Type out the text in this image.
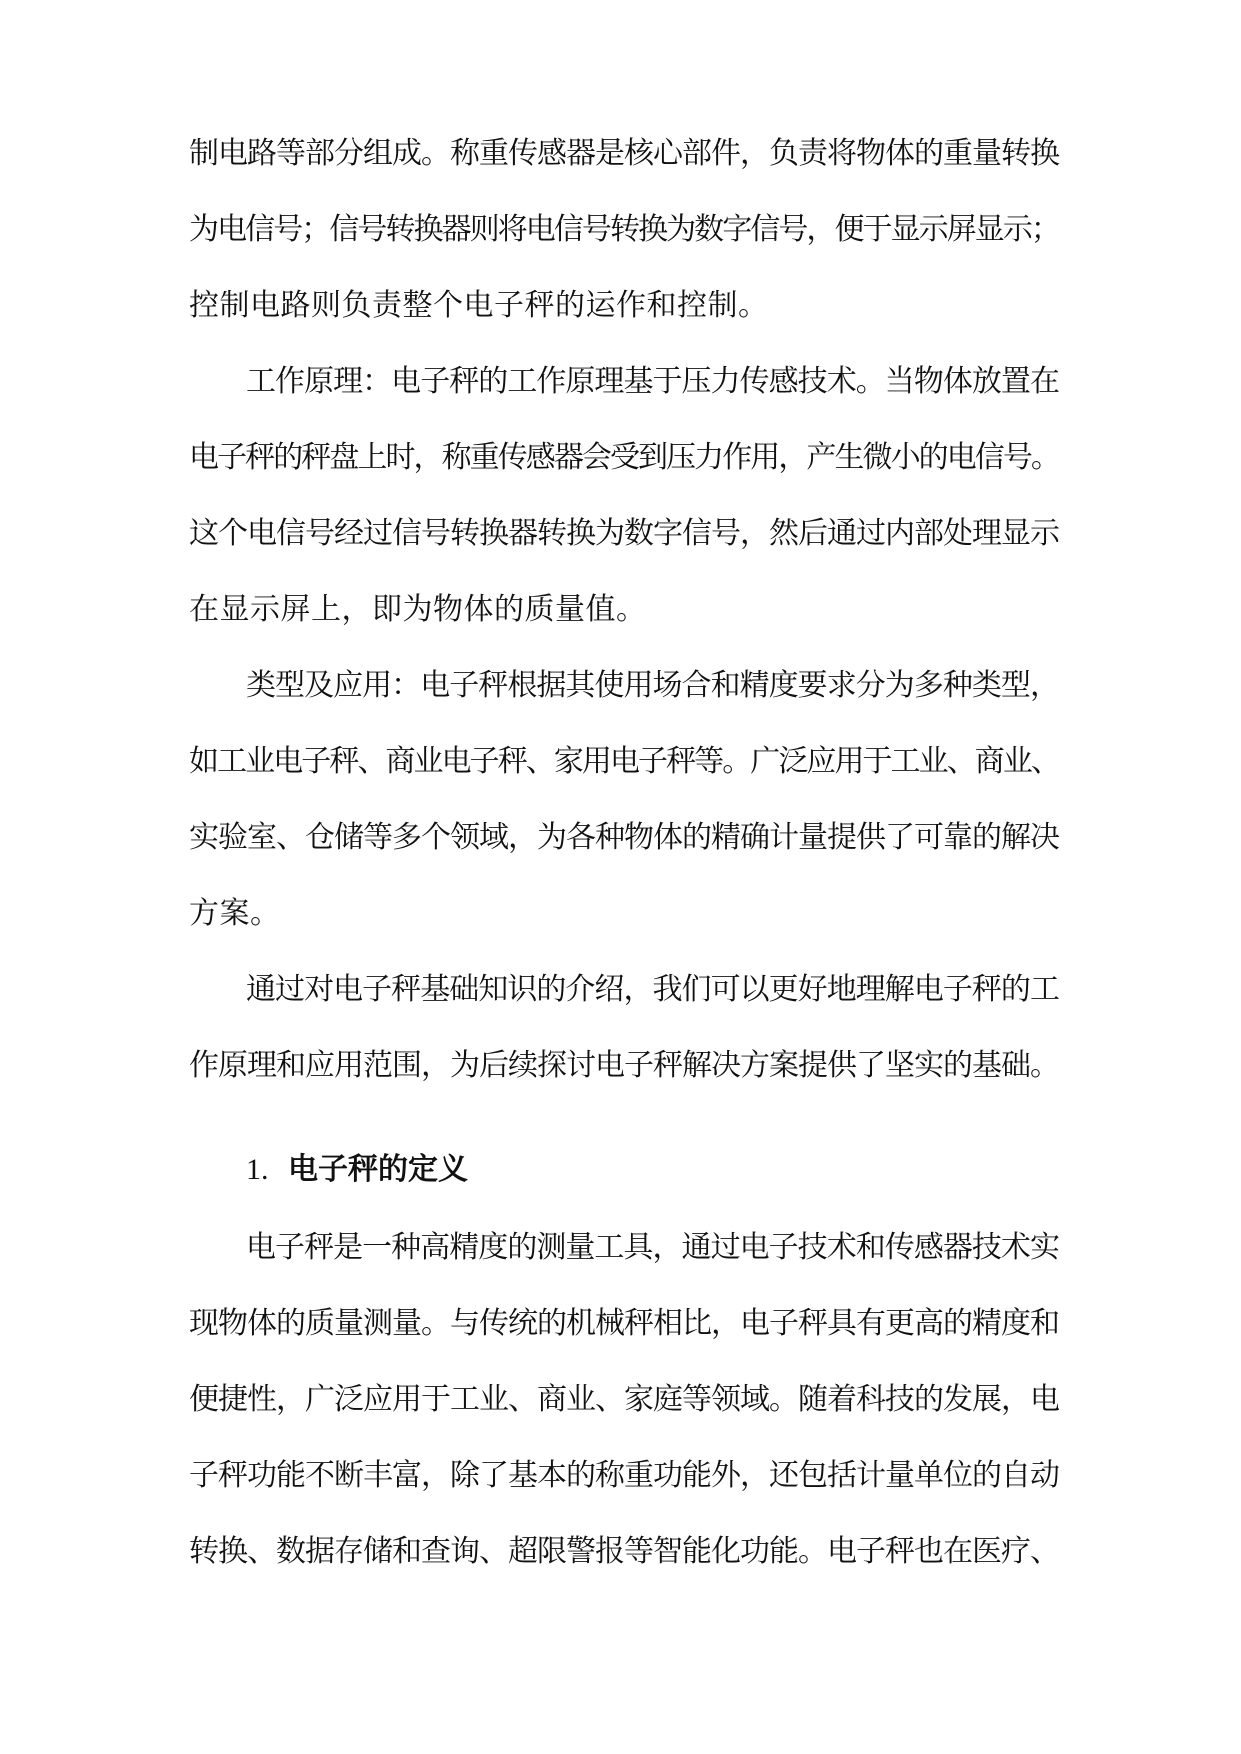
制电路等部分组成。称重传感器是核心部件，负责将物体的重量转换
为电信号；信号转换器则将电信号转换为数字信号，便于显示屏显示；
控制电路则负责整个电子秤的运作和控制。
工作原理：电子秤的工作原理基于压力传感技术。当物体放置在
电子秤的秤盘上时，称重传感器会受到压力作用，产生微小的电信号。
这个电信号经过信号转换器转换为数字信号，然后通过内部处理显示
在显示屏上，即为物体的质量值。
类型及应用：电子秤根据其使用场合和精度要求分为多种类型，
如工业电子秤、商业电子秤、家用电子秤等。广泛应用于工业、商业、
实验室、仓储等多个领域，为各种物体的精确计量提供了可靠的解决
方案。
通过对电子秤基础知识的介绍，我们可以更好地理解电子秤的工
作原理和应用范围，为后续探讨电子秤解决方案提供了坚实的基础。
1. 电子秤的定义
电子秤是一种高精度的测量工具，通过电子技术和传感器技术实
现物体的质量测量。与传统的机械秤相比，电子秤具有更高的精度和
便捷性，广泛应用于工业、商业、家庭等领域。随着科技的发展，电
子秤功能不断丰富，除了基本的称重功能外，还包括计量单位的自动
转换、数据存储和查询、超限警报等智能化功能。电子秤也在医疗、
